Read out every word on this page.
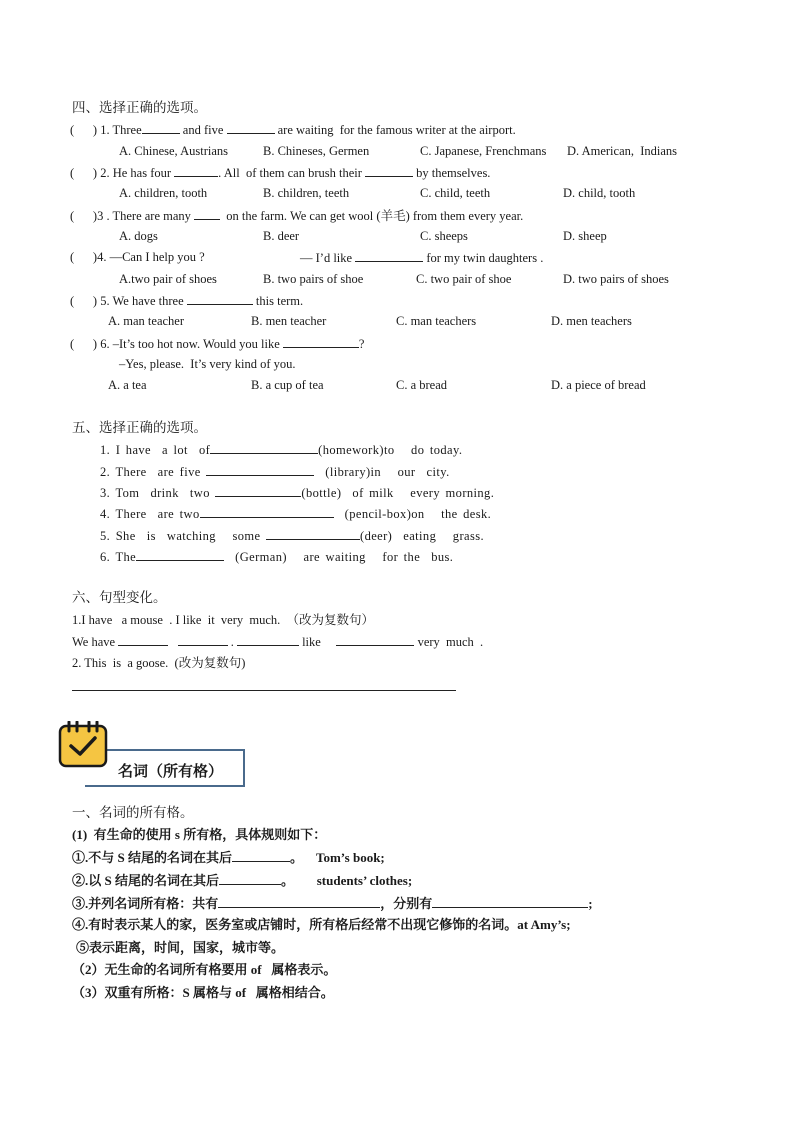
四、选择正确的选项。
(      ) 1. Three	and five	are waiting  for the famous writer at the airport.
A. Chinese, Austrians	B. Chineses, Germen	C. Japanese, Frenchmans D. American,  Indians
(      ) 2. He has four	. All  of them can brush their	by themselves.
A. children, tooth	B. children, teeth	C. child, teeth	D. child, tooth
(      )3 . There are many	on the farm. We can get wool (羊毛) from them every year.
A. dogs	B. deer	C. sheeps	D. sheep
(      )4. —Can I help you ?	— I’d like	for my twin daughters .
A.two pair of shoes	B. two pairs of shoe	C. two pair of shoe	D. two pairs of shoes
(      ) 5. We have three	this term.
A. man teacher	B. men teacher	C. man teachers	D. men teachers
(      ) 6. –It’s too hot now. Would you like	?
–Yes, please.  It’s very kind of you.
A. a tea	B. a cup of tea	C. a bread	D. a piece of bread
五、选择正确的选项。
1. I have  a lot  of	(homework)to   do today.
2. There  are five	(library)in   our  city.
3. Tom  drink  two	(bottle)  of milk   every morning.
4. There  are two	(pencil-box)on   the desk.
5. She  is  watching   some	(deer)  eating   grass.
6. The	(German)   are waiting   for the  bus.
六、句型变化。
1.I have   a mouse  . I like  it  very  much.  （改为复数句）
We have	.	like	very  much  .
2. This  is  a goose.  (改为复数句)
名词（所有格）
一、名词的所有格。
(1)  有生命的使用 s 所有格，具体规则如下：
①.不与 S 结尾的名词在其后	。 Tom’s book;
②.以 S 结尾的名词在其后	。 students’ clothes;
③.并列名词所有格：共有	，分别有	;
④.有时表示某人的家，医务室或店铺时，所有格后经常不出现它修饰的名词。at Amy’s;
⑤表示距离，时间，国家，城市等。
（2）无生命的名词所有格要用 of   属格表示。
（3）双重有所格：S 属格与 of   属格相结合。
